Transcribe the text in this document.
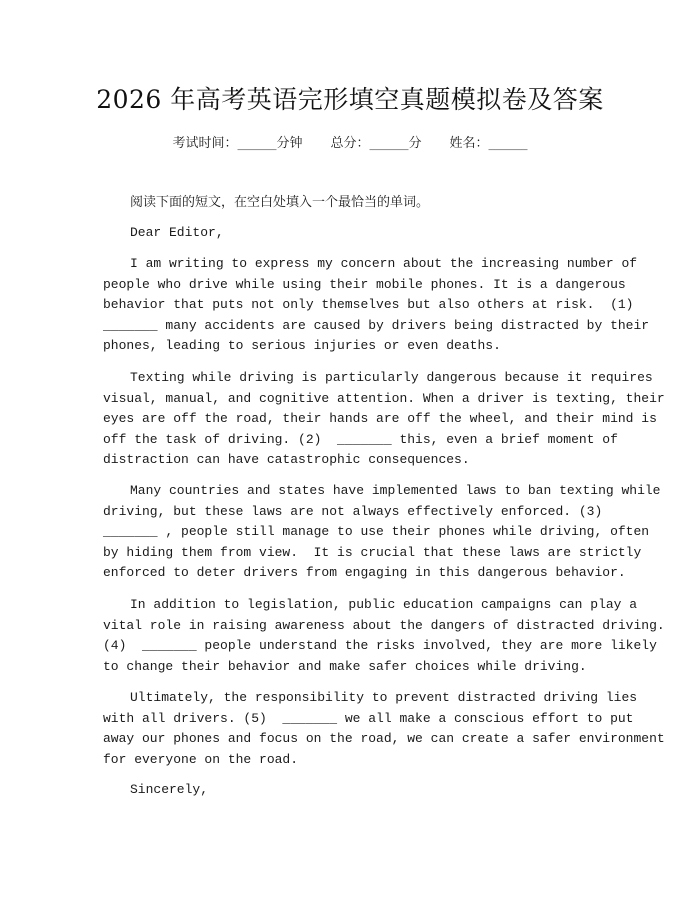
2026 年高考英语完形填空真题模拟卷及答案
考试时间：______分钟 总分：______分 姓名：______
阅读下面的短文，在空白处填入一个最恰当的单词。

Dear Editor,

I am writing to express my concern about the increasing number of
people who drive while using their mobile phones. It is a dangerous
behavior that puts not only themselves but also others at risk.  (1)
_______ many accidents are caused by drivers being distracted by their
phones, leading to serious injuries or even deaths.

Texting while driving is particularly dangerous because it requires
visual, manual, and cognitive attention. When a driver is texting, their
eyes are off the road, their hands are off the wheel, and their mind is
off the task of driving. (2)  _______ this, even a brief moment of
distraction can have catastrophic consequences.

Many countries and states have implemented laws to ban texting while
driving, but these laws are not always effectively enforced. (3)
_______ , people still manage to use their phones while driving, often
by hiding them from view.  It is crucial that these laws are strictly
enforced to deter drivers from engaging in this dangerous behavior.

In addition to legislation, public education campaigns can play a
vital role in raising awareness about the dangers of distracted driving.
(4)  _______ people understand the risks involved, they are more likely
to change their behavior and make safer choices while driving.

Ultimately, the responsibility to prevent distracted driving lies
with all drivers. (5)  _______ we all make a conscious effort to put
away our phones and focus on the road, we can create a safer environment
for everyone on the road.

Sincerely,
